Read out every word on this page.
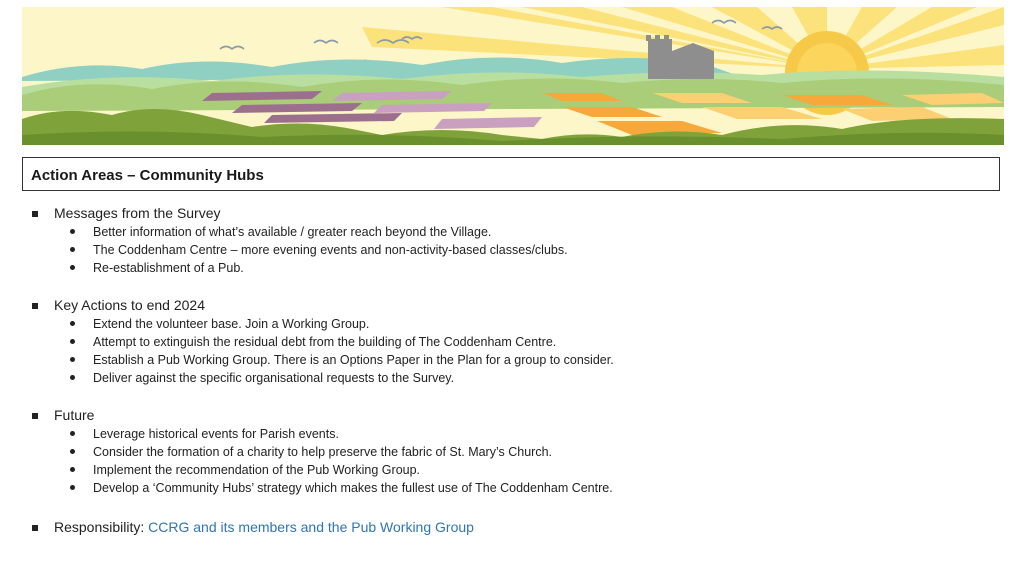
Action Areas – Community Hubs
Messages from the Survey
Better information of what’s available / greater reach beyond the Village.
The Coddenham Centre – more evening events and non-activity-based classes/clubs.
Re-establishment of a Pub.
Key Actions to end 2024
Extend the volunteer base. Join a Working Group.
Attempt to extinguish the residual debt from the building of The Coddenham Centre.
Establish a Pub Working Group. There is an Options Paper in the Plan for a group to consider.
Deliver against the specific organisational requests to the Survey.
Future
Leverage historical events for Parish events.
Consider the formation of a charity to help preserve the fabric of St. Mary’s Church.
Implement the recommendation of the Pub Working Group.
Develop a ‘Community Hubs’ strategy which makes the fullest use of The Coddenham Centre.
Responsibility: CCRG and its members and the Pub Working Group
